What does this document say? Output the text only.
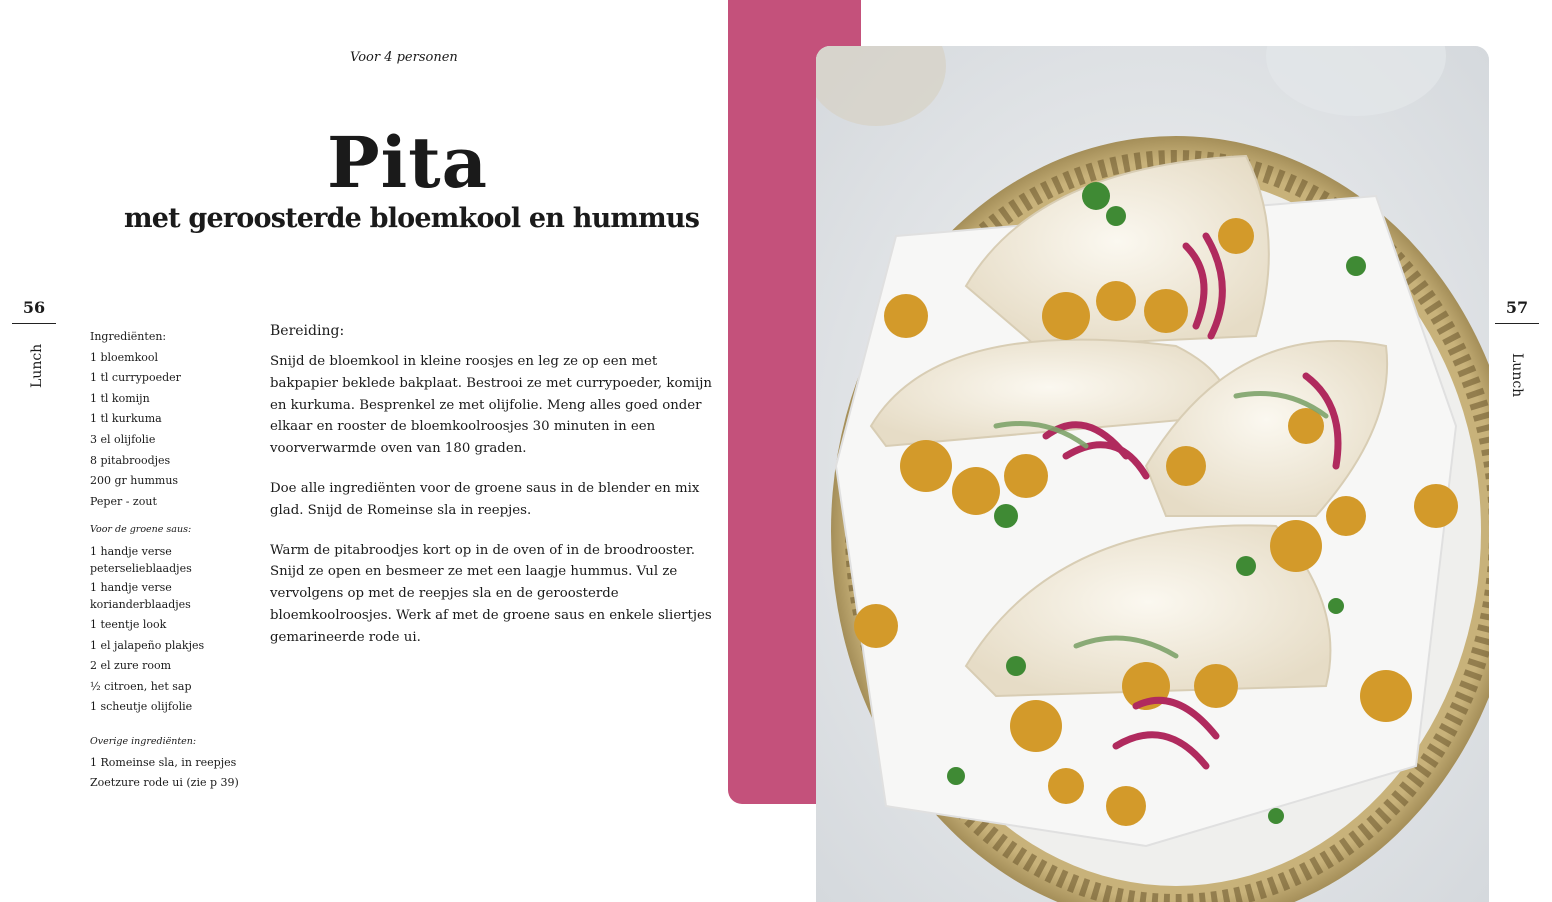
Voor 4 personen
Pita
met geroosterde bloemkool en hummus
56
Lunch
Ingrediënten:
1 bloemkool
1 tl currypoeder
1 tl komijn
1 tl kurkuma
3 el olijfolie
8 pitabroodjes
200 gr hummus
Peper - zout
Voor de groene saus:
1 handje verse peterselieblaadjes
1 handje verse korianderblaadjes
1 teentje look
1 el jalapeño plakjes
2 el zure room
½ citroen, het sap
1 scheutje olijfolie
Overige ingrediënten:
1 Romeinse sla, in reepjes
Zoetzure rode ui (zie p 39)
Bereiding:

Snijd de bloemkool in kleine roosjes en leg ze op een met bakpapier beklede bakplaat. Bestrooi ze met currypoeder, komijn en kurkuma. Besprenkel ze met olijfolie. Meng alles goed onder elkaar en rooster de bloemkoolroosjes 30 minuten in een voorverwarmde oven van 180 graden.

Doe alle ingrediënten voor de groene saus in de blender en mix glad. Snijd de Romeinse sla in reepjes.

Warm de pitabroodjes kort op in de oven of in de broodrooster. Snijd ze open en besmeer ze met een laagje hummus. Vul ze vervolgens op met de reepjes sla en de geroosterde bloemkoolroosjes. Werk af met de groene saus en enkele sliertjes gemarineerde rode ui.

57
Lunch
